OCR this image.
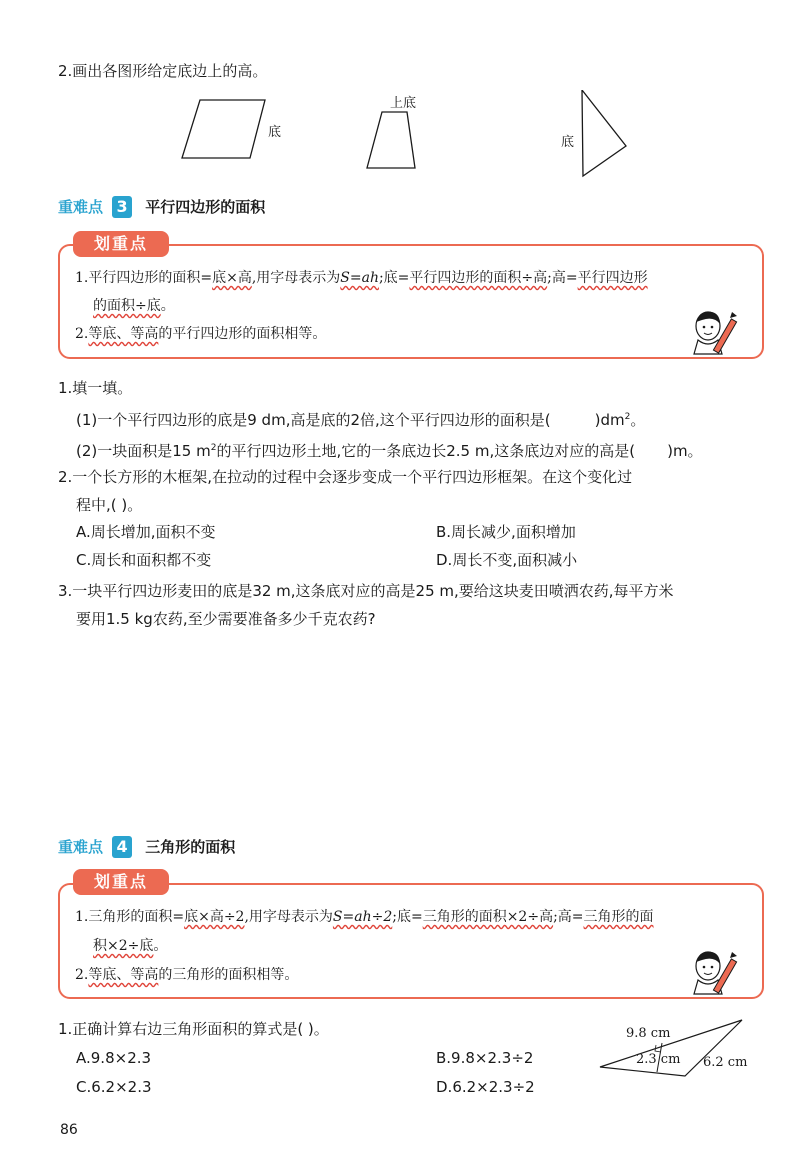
2.画出各图形给定底边上的高。
底
上底
底
重难点 3 平行四边形的面积
划重点
1.平行四边形的面积=底×高,用字母表示为S=ah;底=平行四边形的面积÷高;高=平行四边形
的面积÷底。
2.等底、等高的平行四边形的面积相等。
1.填一填。
(1)一个平行四边形的底是9 dm,高是底的2倍,这个平行四边形的面积是(	)$dm^2$。
(2)一块面积是15 $m^2$的平行四边形土地,它的一条底边长2.5 m,这条底边对应的高是( )m。
2.一个长方形的木框架,在拉动的过程中会逐步变成一个平行四边形框架。在这个变化过
程中,( )。
A.周长增加,面积不变	B.周长减少,面积增加
C.周长和面积都不变	D.周长不变,面积减小
3.一块平行四边形麦田的底是32 m,这条底对应的高是25 m,要给这块麦田喷洒农药,每平方米
要用1.5 kg农药,至少需要准备多少千克农药?
重难点 4 三角形的面积
划重点
1.三角形的面积=底×高÷2,用字母表示为S=ah÷2;底=三角形的面积×2÷高;高=三角形的面
积×2÷底。
2.等底、等高的三角形的面积相等。
1.正确计算右边三角形面积的算式是( )。
A.9.8×2.3	B.9.8×2.3÷2
C.6.2×2.3	D.6.2×2.3÷2
9.8 cm
2.3 cm 6.2 cm
86
